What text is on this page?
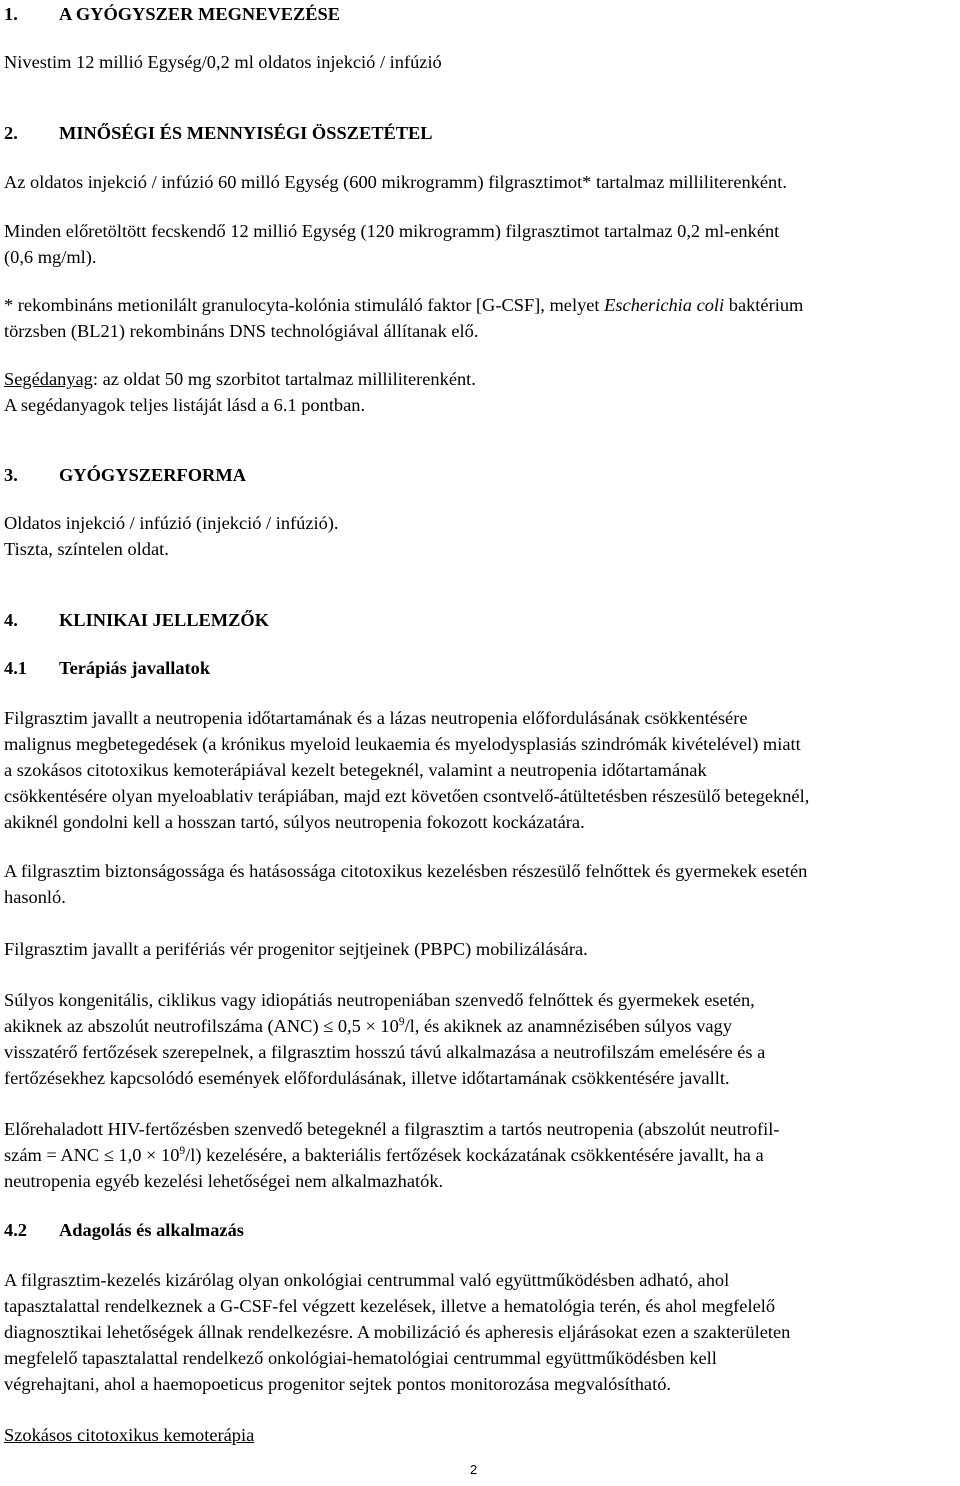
1. A GYÓGYSZER MEGNEVEZÉSE

Nivestim 12 millió Egység/0,2 ml oldatos injekció / infúzió

2. MINŐSÉGI ÉS MENNYISÉGI ÖSSZETÉTEL

Az oldatos injekció / infúzió 60 milló Egység (600 mikrogramm) filgrasztimot* tartalmaz milliliterenként.

Minden előretöltött fecskendő 12 millió Egység (120 mikrogramm) filgrasztimot tartalmaz 0,2 ml-enként

(0,6 mg/ml).

* rekombináns metionilált granulocyta-kolónia stimuláló faktor [G-CSF], melyet Escherichia coli baktérium

törzsben (BL21) rekombináns DNS technológiával állítanak elő.

Segédanyag: az oldat 50 mg szorbitot tartalmaz milliliterenként.

A segédanyagok teljes listáját lásd a 6.1 pontban.

3. GYÓGYSZERFORMA

Oldatos injekció / infúzió (injekció / infúzió).

Tiszta, színtelen oldat.

4. KLINIKAI JELLEMZŐK

4.1 Terápiás javallatok

Filgrasztim javallt a neutropenia időtartamának és a lázas neutropenia előfordulásának csökkentésére

malignus megbetegedések (a krónikus myeloid leukaemia és myelodysplasiás szindrómák kivételével) miatt

a szokásos citotoxikus kemoterápiával kezelt betegeknél, valamint a neutropenia időtartamának

csökkentésére olyan myeloablativ terápiában, majd ezt követően csontvelő-átültetésben részesülő betegeknél,

akiknél gondolni kell a hosszan tartó, súlyos neutropenia fokozott kockázatára.

A filgrasztim biztonságossága és hatásossága citotoxikus kezelésben részesülő felnőttek és gyermekek esetén

hasonló.

Filgrasztim javallt a perifériás vér progenitor sejtjeinek (PBPC) mobilizálására.

Súlyos kongenitális, ciklikus vagy idiopátiás neutropeniában szenvedő felnőttek és gyermekek esetén,

akiknek az abszolút neutrofilszáma $(ANC) \le 0,5 \times 10^9/l$, és akiknek az anamnézisében súlyos vagy

visszatérő fertőzések szerepelnek, a filgrasztim hosszú távú alkalmazása a neutrofilszám emelésére és a

fertőzésekhez kapcsolódó események előfordulásának, illetve időtartamának csökkentésére javallt.

Előrehaladott HIV-fertőzésben szenvedő betegeknél a filgrasztim a tartós neutropenia (abszolút neutrofil-

szám = ANC ≤ $1,0 \times 10^9/l$) kezelésére, a bakteriális fertőzések kockázatának csökkentésére javallt, ha a

neutropenia egyéb kezelési lehetőségei nem alkalmazhatók.

4.2 Adagolás és alkalmazás

A filgrasztim-kezelés kizárólag olyan onkológiai centrummal való együttműködésben adható, ahol

tapasztalattal rendelkeznek a G-CSF-fel végzett kezelések, illetve a hematológia terén, és ahol megfelelő

diagnosztikai lehetőségek állnak rendelkezésre. A mobilizáció és apheresis eljárásokat ezen a szakterületen

megfelelő tapasztalattal rendelkező onkológiai-hematológiai centrummal együttműködésben kell

végrehajtani, ahol a haemopoeticus progenitor sejtek pontos monitorozása megvalósítható.

Szokásos citotoxikus kemoterápia

2
